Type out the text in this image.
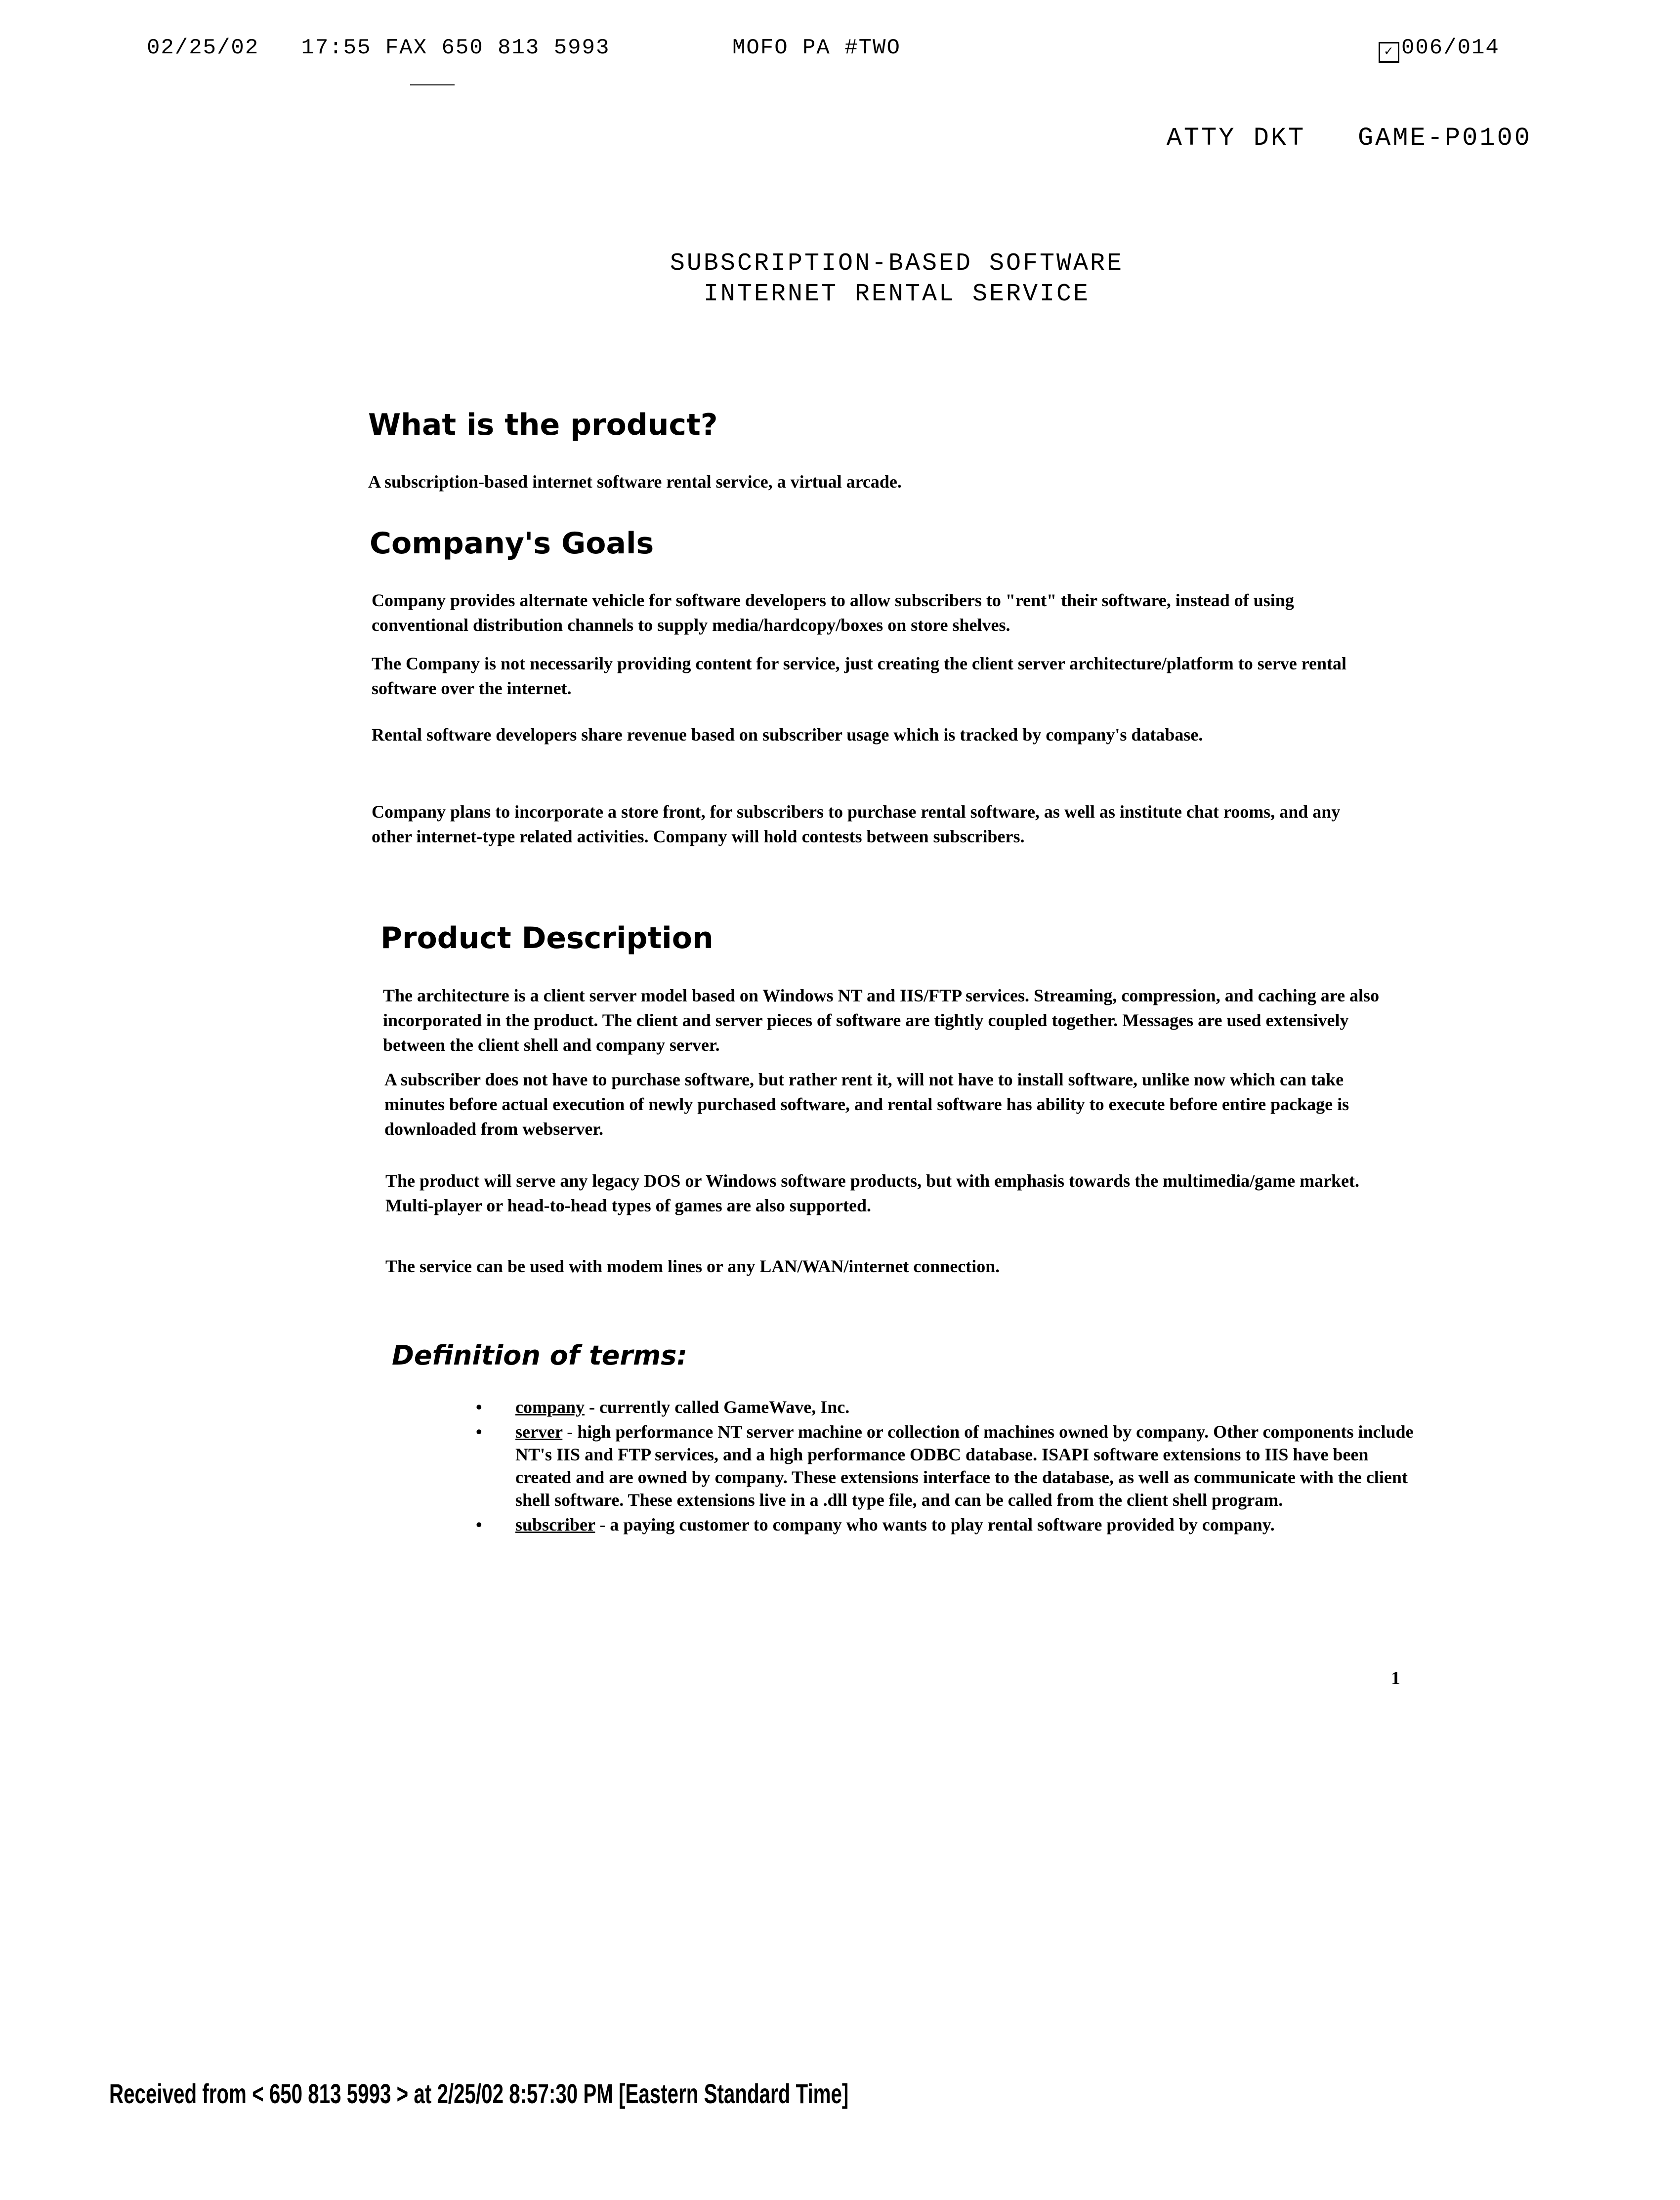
02/25/02 17:55 FAX 650 813 5993	MOFO PA #TWO	✓ 006/014
ATTY DKT   GAME-P0100
SUBSCRIPTION-BASED SOFTWARE
INTERNET RENTAL SERVICE
What is the product?
A subscription-based internet software rental service, a virtual arcade.
Company's Goals
Company provides alternate vehicle for software developers to allow subscribers to "rent" their software, instead of using conventional distribution channels to supply media/hardcopy/boxes on store shelves.
The Company is not necessarily providing content for service, just creating the client server architecture/platform to serve rental software over the internet.
Rental software developers share revenue based on subscriber usage which is tracked by company's database.
Company plans to incorporate a store front, for subscribers to purchase rental software, as well as institute chat rooms, and any other internet-type related activities. Company will hold contests between subscribers.
Product Description
The architecture is a client server model based on Windows NT and IIS/FTP services. Streaming, compression, and caching are also incorporated in the product. The client and server pieces of software are tightly coupled together. Messages are used extensively between the client shell and company server.
A subscriber does not have to purchase software, but rather rent it, will not have to install software, unlike now which can take minutes before actual execution of newly purchased software, and rental software has ability to execute before entire package is downloaded from webserver.
The product will serve any legacy DOS or Windows software products, but with emphasis towards the multimedia/game market. Multi-player or head-to-head types of games are also supported.
The service can be used with modem lines or any LAN/WAN/internet connection.
Definition of terms:
• company - currently called GameWave, Inc.
• server - high performance NT server machine or collection of machines owned by company. Other components include NT's IIS and FTP services, and a high performance ODBC database. ISAPI software extensions to IIS have been created and are owned by company. These extensions interface to the database, as well as communicate with the client shell software. These extensions live in a .dll type file, and can be called from the client shell program.
• subscriber - a paying customer to company who wants to play rental software provided by company.
1
Received from < 650 813 5993 > at 2/25/02 8:57:30 PM [Eastern Standard Time]
